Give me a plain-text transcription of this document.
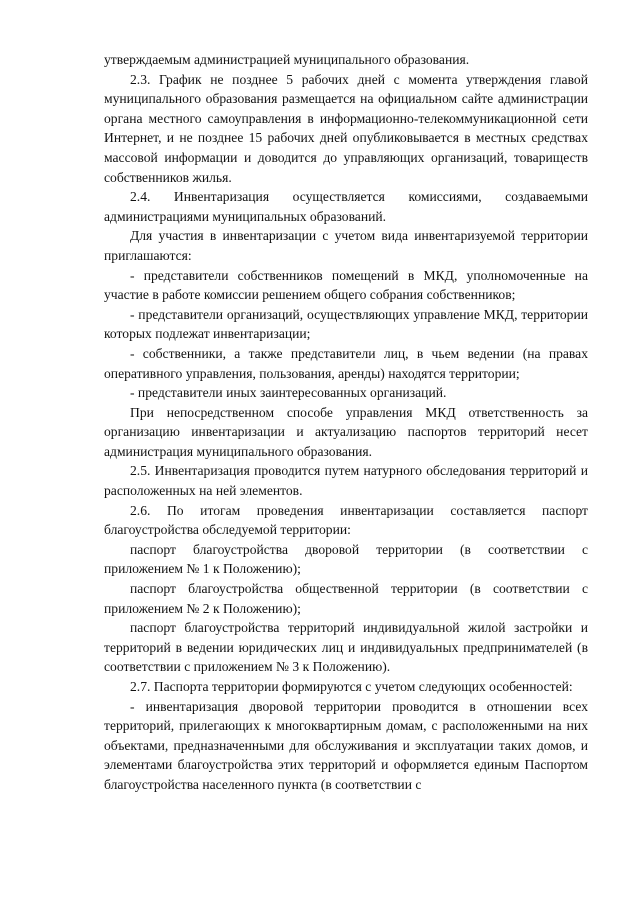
утверждаемым администрацией муниципального образования.

2.3. График не позднее 5 рабочих дней с момента утверждения главой муниципального образования размещается на официальном сайте администрации органа местного самоуправления в информационно-телекоммуникационной сети Интернет, и не позднее 15 рабочих дней опубликовывается в местных средствах массовой информации и доводится до управляющих организаций, товариществ собственников жилья.

2.4. Инвентаризация осуществляется комиссиями, создаваемыми администрациями муниципальных образований.

Для участия в инвентаризации с учетом вида инвентаризуемой территории приглашаются:

- представители собственников помещений в МКД, уполномоченные на участие в работе комиссии решением общего собрания собственников;

- представители организаций, осуществляющих управление МКД, территории которых подлежат инвентаризации;

- собственники, а также представители лиц, в чьем ведении (на правах оперативного управления, пользования, аренды) находятся территории;

- представители иных заинтересованных организаций.

При непосредственном способе управления МКД ответственность за организацию инвентаризации и актуализацию паспортов территорий несет администрация муниципального образования.

2.5. Инвентаризация проводится путем натурного обследования территорий и расположенных на ней элементов.

2.6. По итогам проведения инвентаризации составляется паспорт благоустройства обследуемой территории:

паспорт благоустройства дворовой территории (в соответствии с приложением № 1 к Положению);

паспорт благоустройства общественной территории (в соответствии с приложением № 2 к Положению);

паспорт благоустройства территорий индивидуальной жилой застройки и территорий в ведении юридических лиц и индивидуальных предпринимателей (в соответствии с приложением № 3 к Положению).

2.7. Паспорта территории формируются с учетом следующих особенностей:

- инвентаризация дворовой территории проводится в отношении всех территорий, прилегающих к многоквартирным домам, с расположенными на них объектами, предназначенными для обслуживания и эксплуатации таких домов, и элементами благоустройства этих территорий и оформляется единым Паспортом благоустройства населенного пункта (в соответствии с
